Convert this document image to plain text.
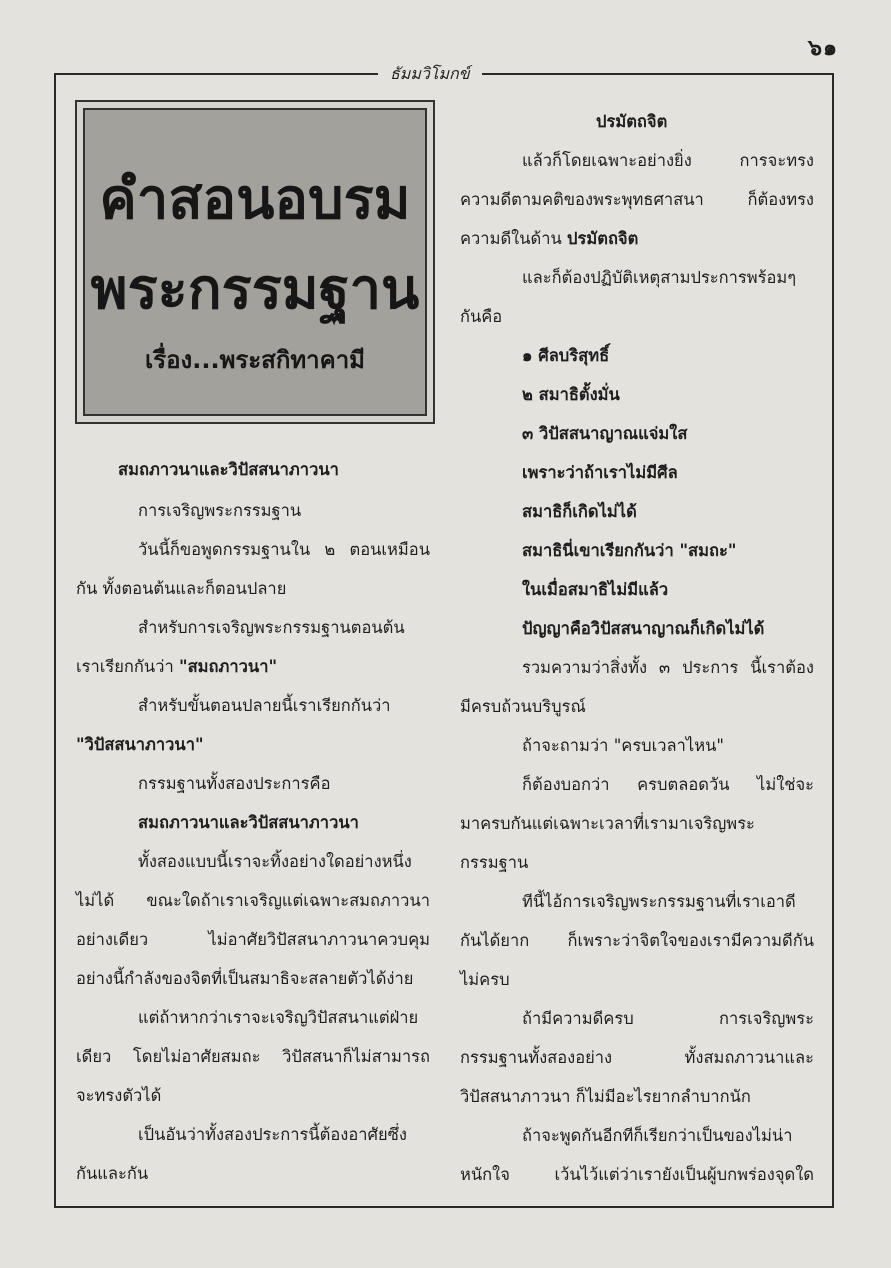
๖๑
ธัมมวิโมกข์
คำสอนอบรม
พระกรรมฐาน
เรื่อง...พระสกิทาคามี
สมถภาวนาและวิปัสสนาภาวนา
การเจริญพระกรรมฐาน
วันนี้ก็ขอพูดกรรมฐานใน ๒ ตอนเหมือน
กัน ทั้งตอนต้นและก็ตอนปลาย
สำหรับการเจริญพระกรรมฐานตอนต้น
เราเรียกกันว่า "สมถภาวนา"
สำหรับขั้นตอนปลายนี้เราเรียกกันว่า
"วิปัสสนาภาวนา"
กรรมฐานทั้งสองประการคือ
สมถภาวนาและวิปัสสนาภาวนา
ทั้งสองแบบนี้เราจะทิ้งอย่างใดอย่างหนึ่ง
ไม่ได้ ขณะใดถ้าเราเจริญแต่เฉพาะสมถภาวนา
อย่างเดียว ไม่อาศัยวิปัสสนาภาวนาควบคุม
อย่างนี้กำลังของจิตที่เป็นสมาธิจะสลายตัวได้ง่าย
แต่ถ้าหากว่าเราจะเจริญวิปัสสนาแต่ฝ่าย
เดียว โดยไม่อาศัยสมถะ วิปัสสนาก็ไม่สามารถ
จะทรงตัวได้
เป็นอันว่าทั้งสองประการนี้ต้องอาศัยซึ่ง
กันและกัน
ปรมัตถจิต
แล้วก็โดยเฉพาะอย่างยิ่ง การจะทรง
ความดีตามคติของพระพุทธศาสนา ก็ต้องทรง
ความดีในด้าน ปรมัตถจิต
และก็ต้องปฏิบัติเหตุสามประการพร้อมๆ
กันคือ
๑ ศีลบริสุทธิ์
๒ สมาธิตั้งมั่น
๓ วิปัสสนาญาณแจ่มใส
เพราะว่าถ้าเราไม่มีศีล
สมาธิก็เกิดไม่ได้
สมาธินี่เขาเรียกกันว่า "สมถะ"
ในเมื่อสมาธิไม่มีแล้ว
ปัญญาคือวิปัสสนาญาณก็เกิดไม่ได้
รวมความว่าสิ่งทั้ง ๓ ประการ นี้เราต้อง
มีครบถ้วนบริบูรณ์
ถ้าจะถามว่า "ครบเวลาไหน"
ก็ต้องบอกว่า ครบตลอดวัน ไม่ใช่จะ
มาครบกันแต่เฉพาะเวลาที่เรามาเจริญพระ
กรรมฐาน
ทีนี้ไอ้การเจริญพระกรรมฐานที่เราเอาดี
กันได้ยาก ก็เพราะว่าจิตใจของเรามีความดีกัน
ไม่ครบ
ถ้ามีความดีครบ การเจริญพระ
กรรมฐานทั้งสองอย่าง ทั้งสมถภาวนาและ
วิปัสสนาภาวนา ก็ไม่มีอะไรยากลำบากนัก
ถ้าจะพูดกันอีกทีก็เรียกว่าเป็นของไม่น่า
หนักใจ เว้นไว้แต่ว่าเรายังเป็นผู้บกพร่องจุดใด
